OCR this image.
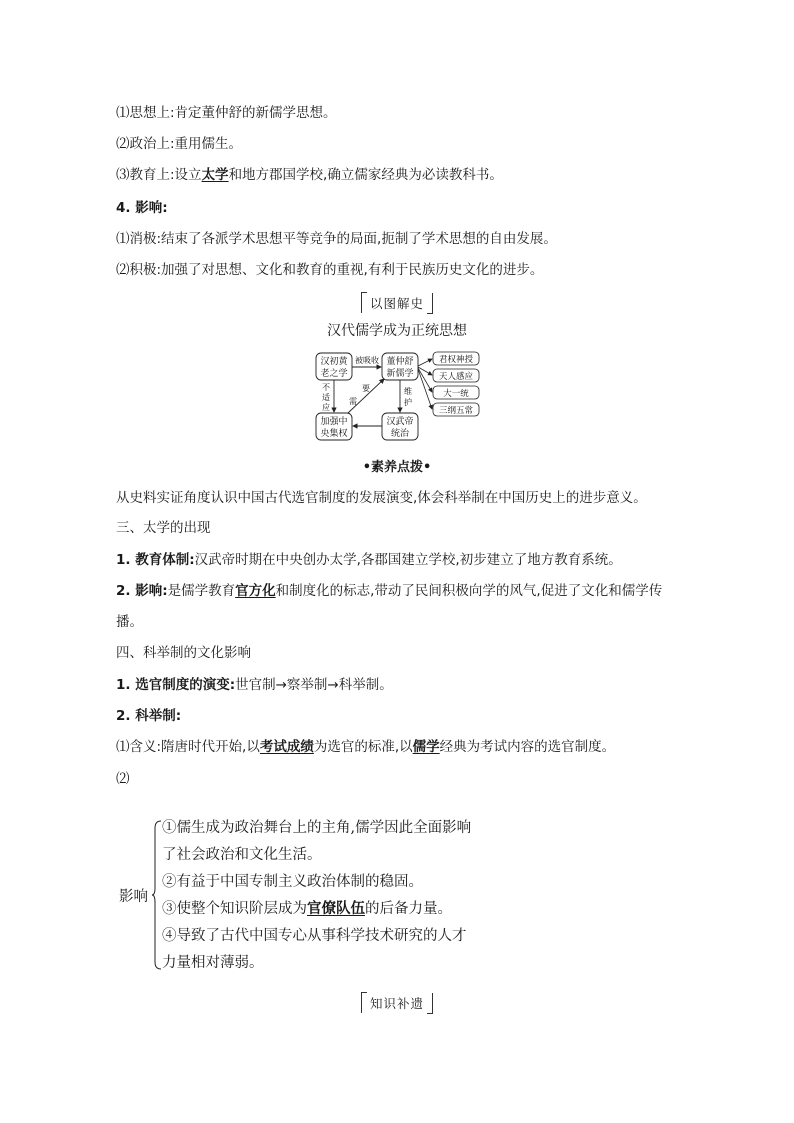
⑴思想上:肯定董仲舒的新儒学思想。
⑵政治上:重用儒生。
⑶教育上:设立太学和地方郡国学校,确立儒家经典为必读教科书。
4. 影响:
⑴消极:结束了各派学术思想平等竞争的局面,扼制了学术思想的自由发展。
⑵积极:加强了对思想、文化和教育的重视,有利于民族历史文化的进步。
以图解史
汉代儒学成为正统思想
汉初黄
老之学
董仲舒
新儒学
加强中
央集权
汉武帝
统治
被吸收
不
适
应
要
需
维
护
君权神授
天人感应
大一统
三纲五常
•素养点拨•
从史料实证角度认识中国古代选官制度的发展演变,体会科举制在中国历史上的进步意义。
三、太学的出现
1. 教育体制:汉武帝时期在中央创办太学,各郡国建立学校,初步建立了地方教育系统。
2. 影响:是儒学教育官方化和制度化的标志,带动了民间积极向学的风气,促进了文化和儒学传
播。
四、科举制的文化影响
1. 选官制度的演变:世官制→察举制→科举制。
2. 科举制:
⑴含义:隋唐时代开始,以考试成绩为选官的标准,以儒学经典为考试内容的选官制度。
⑵
影响
①儒生成为政治舞台上的主角,儒学因此全面影响
了社会政治和文化生活。
②有益于中国专制主义政治体制的稳固。
③使整个知识阶层成为官僚队伍的后备力量。
④导致了古代中国专心从事科学技术研究的人才
力量相对薄弱。
知识补遗
